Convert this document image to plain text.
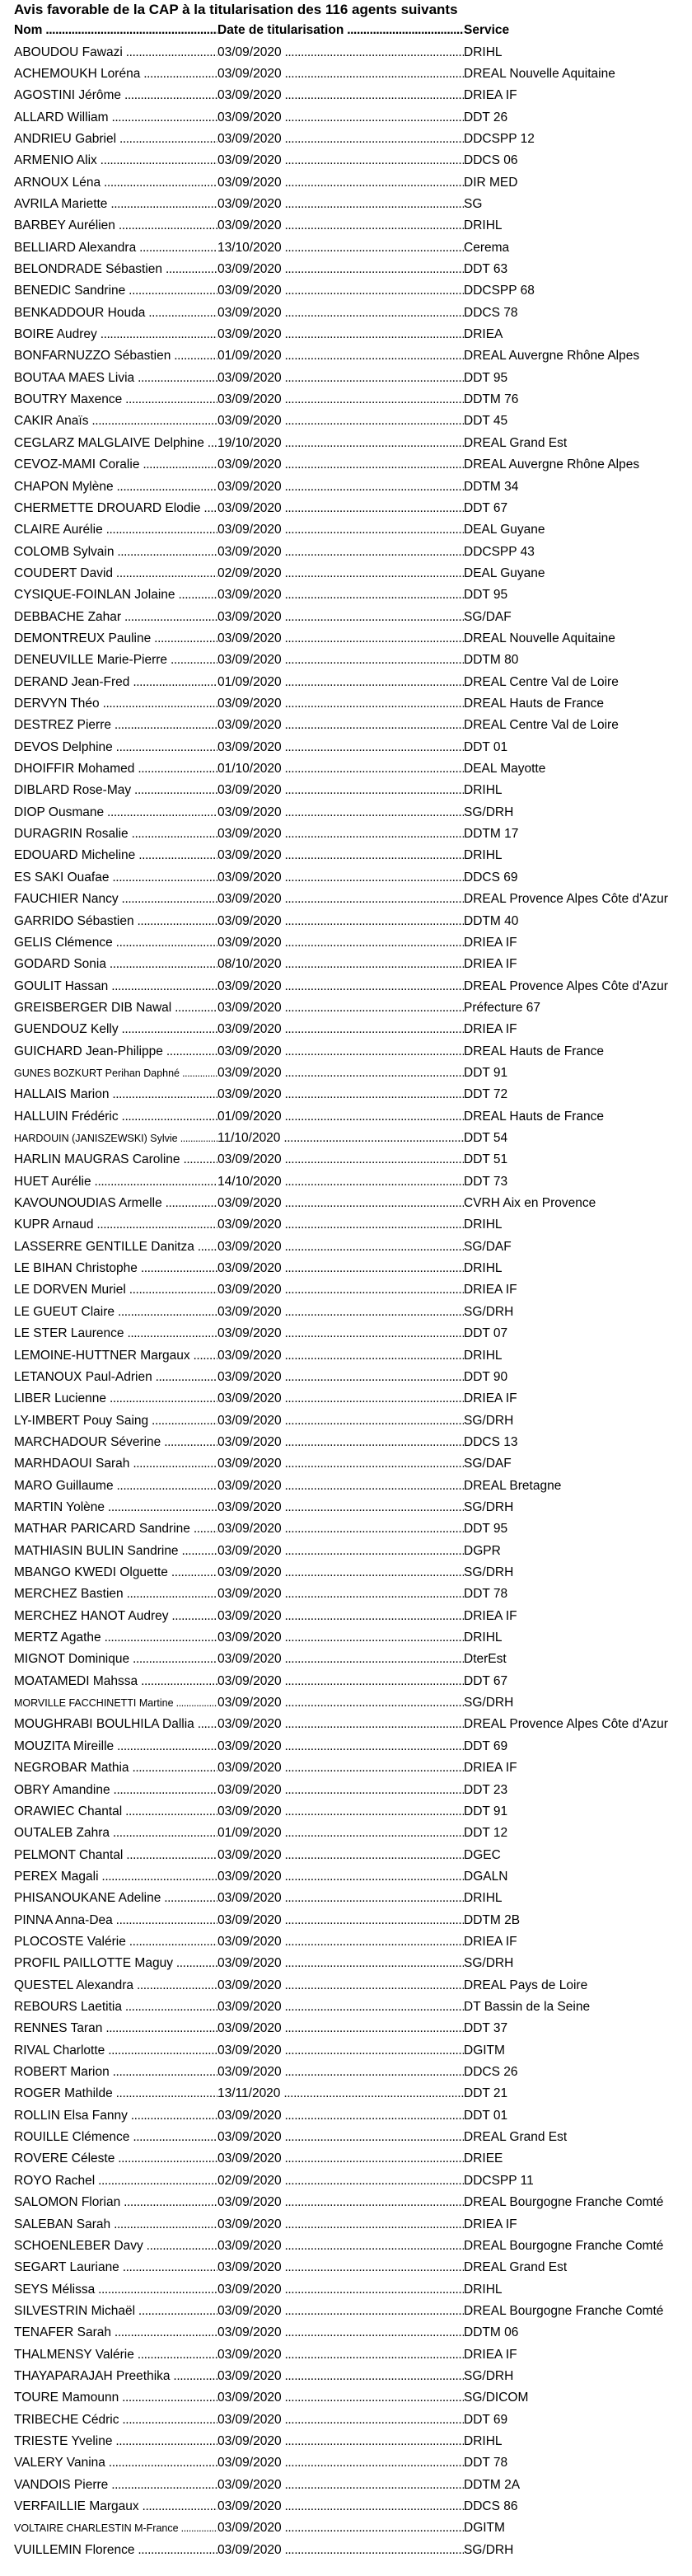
Avis favorable de la CAP à la titularisation des 116 agents suivants
Nom .....	Date de titularisation .....	Service
ABOUDOU Fawazi .....	03/09/2020 .....	DRIHL
ACHEMOUKH Loréna .....	03/09/2020 .....	DREAL Nouvelle Aquitaine
AGOSTINI Jérôme .....	03/09/2020 .....	DRIEA IF
ALLARD William .....	03/09/2020 .....	DDT 26
ANDRIEU Gabriel .....	03/09/2020 .....	DDCSPP 12
ARMENIO Alix .....	03/09/2020 .....	DDCS 06
ARNOUX Léna .....	03/09/2020 .....	DIR MED
AVRILA Mariette .....	03/09/2020 .....	SG
BARBEY Aurélien .....	03/09/2020 .....	DRIHL
BELLIARD Alexandra .....	13/10/2020 .....	Cerema
BELONDRADE Sébastien .....	03/09/2020 .....	DDT 63
BENEDIC Sandrine .....	03/09/2020 .....	DDCSPP 68
BENKADDOUR Houda .....	03/09/2020 .....	DDCS 78
BOIRE Audrey .....	03/09/2020 .....	DRIEA
BONFARNUZZO Sébastien .....	01/09/2020 .....	DREAL Auvergne Rhône Alpes
BOUTAA MAES Livia .....	03/09/2020 .....	DDT 95
BOUTRY Maxence .....	03/09/2020 .....	DDTM 76
CAKIR Anaïs .....	03/09/2020 .....	DDT 45
CEGLARZ MALGLAIVE Delphine .....	19/10/2020 .....	DREAL Grand Est
CEVOZ-MAMI Coralie .....	03/09/2020 .....	DREAL Auvergne Rhône Alpes
CHAPON Mylène .....	03/09/2020 .....	DDTM 34
CHERMETTE DROUARD Elodie .....	03/09/2020 .....	DDT 67
CLAIRE Aurélie .....	03/09/2020 .....	DEAL Guyane
COLOMB Sylvain .....	03/09/2020 .....	DDCSPP 43
COUDERT David .....	02/09/2020 .....	DEAL Guyane
CYSIQUE-FOINLAN Jolaine .....	03/09/2020 .....	DDT 95
DEBBACHE Zahar .....	03/09/2020 .....	SG/DAF
DEMONTREUX Pauline .....	03/09/2020 .....	DREAL Nouvelle Aquitaine
DENEUVILLE Marie-Pierre .....	03/09/2020 .....	DDTM 80
DERAND Jean-Fred .....	01/09/2020 .....	DREAL Centre Val de Loire
DERVYN Théo .....	03/09/2020 .....	DREAL Hauts de France
DESTREZ Pierre .....	03/09/2020 .....	DREAL Centre Val de Loire
DEVOS Delphine .....	03/09/2020 .....	DDT 01
DHOIFFIR Mohamed .....	01/10/2020 .....	DEAL Mayotte
DIBLARD Rose-May .....	03/09/2020 .....	DRIHL
DIOP Ousmane .....	03/09/2020 .....	SG/DRH
DURAGRIN Rosalie .....	03/09/2020 .....	DDTM 17
EDOUARD Micheline .....	03/09/2020 .....	DRIHL
ES SAKI Ouafae .....	03/09/2020 .....	DDCS 69
FAUCHIER Nancy .....	03/09/2020 .....	DREAL Provence Alpes Côte d'Azur
GARRIDO Sébastien .....	03/09/2020 .....	DDTM 40
GELIS Clémence .....	03/09/2020 .....	DRIEA IF
GODARD Sonia .....	08/10/2020 .....	DRIEA IF
GOULIT Hassan .....	03/09/2020 .....	DREAL Provence Alpes Côte d'Azur
GREISBERGER DIB Nawal .....	03/09/2020 .....	Préfecture 67
GUENDOUZ Kelly .....	03/09/2020 .....	DRIEA IF
GUICHARD Jean-Philippe .....	03/09/2020 .....	DREAL Hauts de France
GUNES BOZKURT Perihan Daphné .....	03/09/2020 .....	DDT 91
HALLAIS Marion .....	03/09/2020 .....	DDT 72
HALLUIN Frédéric .....	01/09/2020 .....	DREAL Hauts de France
HARDOUIN (JANISZEWSKI) Sylvie .....	11/10/2020 .....	DDT 54
HARLIN MAUGRAS Caroline .....	03/09/2020 .....	DDT 51
HUET Aurélie .....	14/10/2020 .....	DDT 73
KAVOUNOUDIAS Armelle .....	03/09/2020 .....	CVRH Aix en Provence
KUPR Arnaud .....	03/09/2020 .....	DRIHL
LASSERRE GENTILLE Danitza .....	03/09/2020 .....	SG/DAF
LE BIHAN Christophe .....	03/09/2020 .....	DRIHL
LE DORVEN Muriel .....	03/09/2020 .....	DRIEA IF
LE GUEUT Claire .....	03/09/2020 .....	SG/DRH
LE STER Laurence .....	03/09/2020 .....	DDT 07
LEMOINE-HUTTNER Margaux .....	03/09/2020 .....	DRIHL
LETANOUX Paul-Adrien .....	03/09/2020 .....	DDT 90
LIBER Lucienne .....	03/09/2020 .....	DRIEA IF
LY-IMBERT Pouy Saing .....	03/09/2020 .....	SG/DRH
MARCHADOUR Séverine .....	03/09/2020 .....	DDCS 13
MARHDAOUI Sarah .....	03/09/2020 .....	SG/DAF
MARO Guillaume .....	03/09/2020 .....	DREAL Bretagne
MARTIN Yolène .....	03/09/2020 .....	SG/DRH
MATHAR PARICARD Sandrine .....	03/09/2020 .....	DDT 95
MATHIASIN BULIN Sandrine .....	03/09/2020 .....	DGPR
MBANGO KWEDI Olguette .....	03/09/2020 .....	SG/DRH
MERCHEZ Bastien .....	03/09/2020 .....	DDT 78
MERCHEZ HANOT Audrey .....	03/09/2020 .....	DRIEA IF
MERTZ Agathe .....	03/09/2020 .....	DRIHL
MIGNOT Dominique .....	03/09/2020 .....	DterEst
MOATAMEDI Mahssa .....	03/09/2020 .....	DDT 67
MORVILLE FACCHINETTI Martine .....	03/09/2020 .....	SG/DRH
MOUGHRABI BOULHILA Dallia .....	03/09/2020 .....	DREAL Provence Alpes Côte d'Azur
MOUZITA Mireille .....	03/09/2020 .....	DDT 69
NEGROBAR Mathia .....	03/09/2020 .....	DRIEA IF
OBRY Amandine .....	03/09/2020 .....	DDT 23
ORAWIEC Chantal .....	03/09/2020 .....	DDT 91
OUTALEB Zahra .....	01/09/2020 .....	DDT 12
PELMONT Chantal .....	03/09/2020 .....	DGEC
PEREX Magali .....	03/09/2020 .....	DGALN
PHISANOUKANE Adeline .....	03/09/2020 .....	DRIHL
PINNA Anna-Dea .....	03/09/2020 .....	DDTM 2B
PLOCOSTE Valérie .....	03/09/2020 .....	DRIEA IF
PROFIL PAILLOTTE Maguy .....	03/09/2020 .....	SG/DRH
QUESTEL Alexandra .....	03/09/2020 .....	DREAL Pays de Loire
REBOURS Laetitia .....	03/09/2020 .....	DT Bassin de la Seine
RENNES Taran .....	03/09/2020 .....	DDT 37
RIVAL Charlotte .....	03/09/2020 .....	DGITM
ROBERT Marion .....	03/09/2020 .....	DDCS 26
ROGER Mathilde .....	13/11/2020 .....	DDT 21
ROLLIN Elsa Fanny .....	03/09/2020 .....	DDT 01
ROUILLE Clémence .....	03/09/2020 .....	DREAL Grand Est
ROVERE Céleste .....	03/09/2020 .....	DRIEE
ROYO Rachel .....	02/09/2020 .....	DDCSPP 11
SALOMON Florian .....	03/09/2020 .....	DREAL Bourgogne Franche Comté
SALEBAN Sarah .....	03/09/2020 .....	DRIEA IF
SCHOENLEBER Davy .....	03/09/2020 .....	DREAL Bourgogne Franche Comté
SEGART Lauriane .....	03/09/2020 .....	DREAL Grand Est
SEYS Mélissa .....	03/09/2020 .....	DRIHL
SILVESTRIN Michaël .....	03/09/2020 .....	DREAL Bourgogne Franche Comté
TENAFER Sarah .....	03/09/2020 .....	DDTM 06
THALMENSY Valérie .....	03/09/2020 .....	DRIEA IF
THAYAPARAJAH Preethika .....	03/09/2020 .....	SG/DRH
TOURE Mamounn .....	03/09/2020 .....	SG/DICOM
TRIBECHE Cédric .....	03/09/2020 .....	DDT 69
TRIESTE Yveline .....	03/09/2020 .....	DRIHL
VALERY Vanina .....	03/09/2020 .....	DDT 78
VANDOIS Pierre .....	03/09/2020 .....	DDTM 2A
VERFAILLIE Margaux .....	03/09/2020 .....	DDCS 86
VOLTAIRE CHARLESTIN M-France .....	03/09/2020 .....	DGITM
VUILLEMIN Florence .....	03/09/2020 .....	SG/DRH
